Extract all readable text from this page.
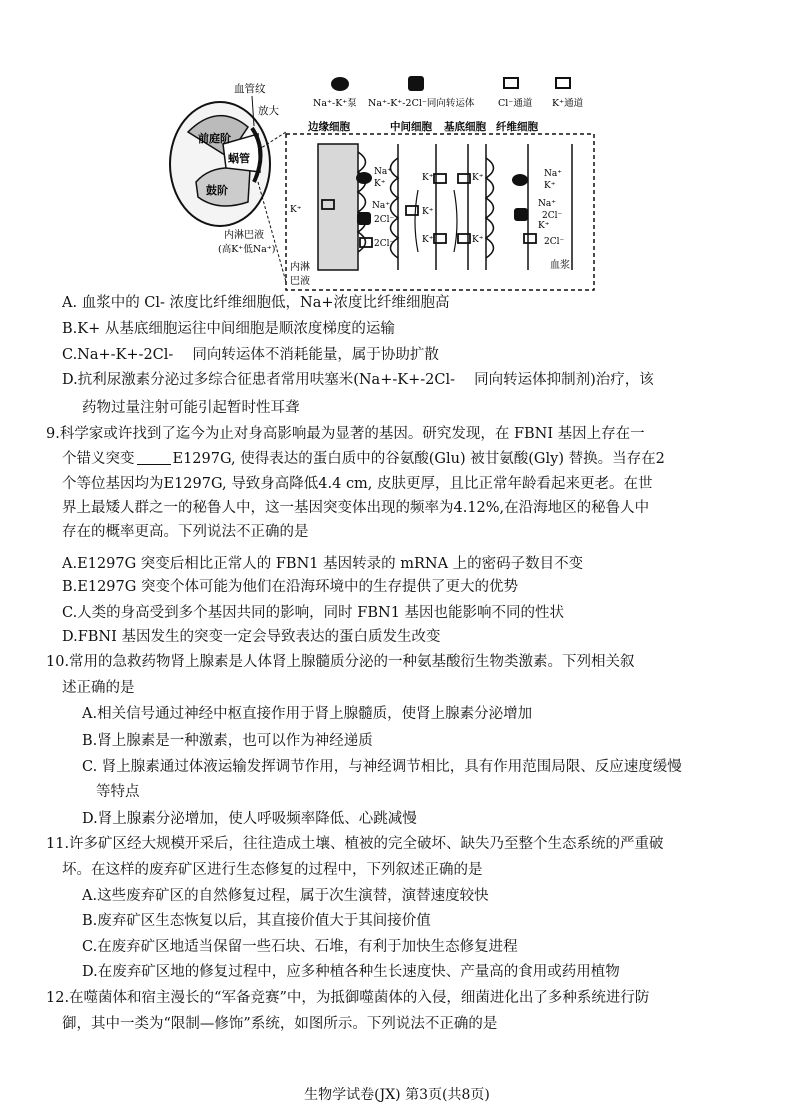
前庭阶
蜗管
鼓阶
血管纹
放大
内淋巴液
(高K⁺低Na⁺)
Na⁺-K⁺泵 Na⁺-K⁺-2Cl⁻同向转运体 Cl⁻通道 K⁺通道
边缘细胞	中间细胞 基底细胞 纤维细胞
K⁺
Na⁺
K⁺
Na⁺
2Cl⁻
2Cl⁻
K⁺
K⁺	K⁺
K⁺	K⁺
Na⁺
K⁺
Na⁺
2Cl⁻
K⁺
2Cl⁻
内淋
巴液
血浆
A. 血浆中的 Cl- 浓度比纤维细胞低，Na+浓度比纤维细胞高
B.K+ 从基底细胞运往中间细胞是顺浓度梯度的运输
C.Na+-K+-2Cl-　 同向转运体不消耗能量，属于协助扩散
D.抗利尿激素分泌过多综合征患者常用呋塞米(Na+-K+-2Cl-　 同向转运体抑制剂)治疗，该
药物过量注射可能引起暂时性耳聋
9.科学家或许找到了迄今为止对身高影响最为显著的基因。研究发现，在 FBNI 基因上存在一
个错义突变	E1297G, 使得表达的蛋白质中的谷氨酸(Glu) 被甘氨酸(Gly) 替换。当存在2
个等位基因均为E1297G, 导致身高降低4.4 cm, 皮肤更厚，且比正常年龄看起来更老。在世
界上最矮人群之一的秘鲁人中，这一基因突变体出现的频率为4.12%,在沿海地区的秘鲁人中
存在的概率更高。下列说法不正确的是
A.E1297G 突变后相比正常人的 FBN1 基因转录的 mRNA 上的密码子数目不变
B.E1297G 突变个体可能为他们在沿海环境中的生存提供了更大的优势
C.人类的身高受到多个基因共同的影响，同时 FBN1 基因也能影响不同的性状
D.FBNI 基因发生的突变一定会导致表达的蛋白质发生改变
10.常用的急救药物肾上腺素是人体肾上腺髓质分泌的一种氨基酸衍生物类激素。下列相关叙
述正确的是
A.相关信号通过神经中枢直接作用于肾上腺髓质，使肾上腺素分泌增加
B.肾上腺素是一种激素，也可以作为神经递质
C. 肾上腺素通过体液运输发挥调节作用，与神经调节相比，具有作用范围局限、反应速度缓慢
等特点
D.肾上腺素分泌增加，使人呼吸频率降低、心跳减慢
11.许多矿区经大规模开采后，往往造成土壤、植被的完全破坏、缺失乃至整个生态系统的严重破
坏。在这样的废弃矿区进行生态修复的过程中，下列叙述正确的是
A.这些废弃矿区的自然修复过程，属于次生演替，演替速度较快
B.废弃矿区生态恢复以后，其直接价值大于其间接价值
C.在废弃矿区地适当保留一些石块、石堆，有利于加快生态修复进程
D.在废弃矿区地的修复过程中，应多种植各种生长速度快、产量高的食用或药用植物
12.在噬菌体和宿主漫长的“军备竞赛”中，为抵御噬菌体的入侵，细菌进化出了多种系统进行防
御，其中一类为“限制—修饰”系统，如图所示。下列说法不正确的是
生物学试卷(JX) 第3页(共8页)
